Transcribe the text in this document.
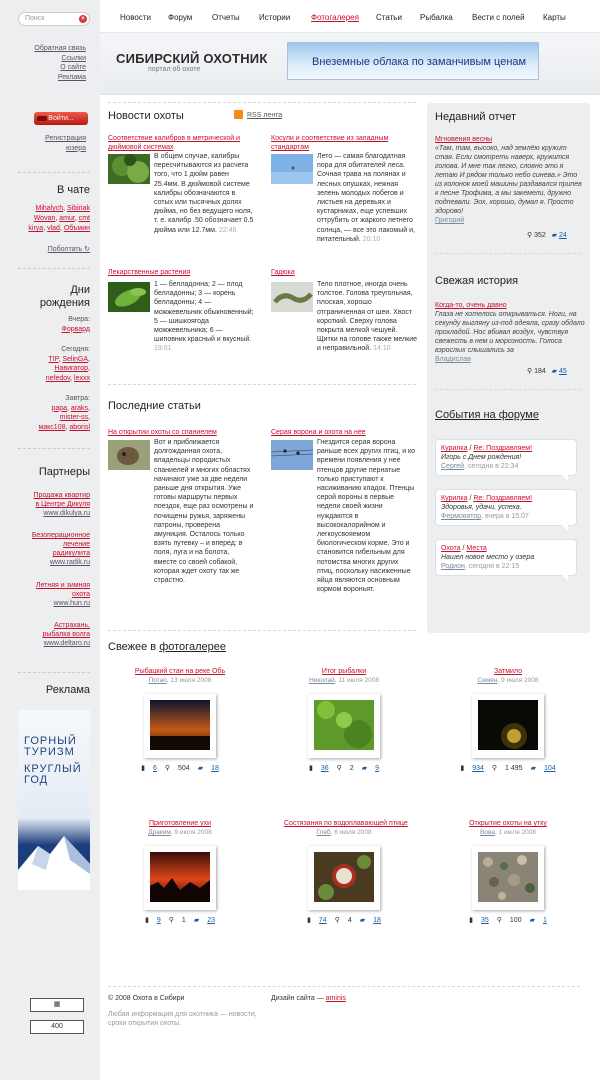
Поиск	×
Обратная связь
Ссылки
О сайте
Реклама
Войти...
Регистрация
юзера
В чате
Mihalych, Sibiriak
Wovan, amur, cmt
kirya, vlad, Объмин
Поболтать ↻
Дни
рождения
Вчера:
Форвард
Сегодня:
TIP, SelinGA,
Навигатор,
nefedov, lexxx
Завтра:
papa, araks,
mister-ss,
макс108, aborisl
Партнеры
Продажа квартир
в Центре Дикуля
www.dikulya.ru
Безоперационное
лечение
радикулита
www.radik.ru
Летняя и зимняя
охота
www.hun.ru
Астрахань,
рыбалка волга
www.deltaro.ru
Реклама
ГОРНЫЙ
ТУРИЗМ
КРУГЛЫЙ
ГОД
▦
400
Новости Форум Отчеты Истории	Фотогалерея Статьи Рыбалка Вести с полей Карты
СИБИРСКИЙ ОХОТНИК
портал об охоте
Внеземные облака по заманчивым ценам
Новости охоты	RSS лента
Соответствие калибров в метрической и дюймовой системах
В общем случае, калибры пересчитываются из расчета того, что 1 дюйм равен 25.4мм. В дюймовой системе калибры обозначаются в сотых или тысячных долях дюйма, но без ведущего ноля, т. е. калибр .50 обозначает 0.5 дюйма или 12.7мм. 22:46
Косули и соответствие из западным стандартам
Лето — самая благодатная пора для обитателей леса. Сочная трава на полянах и лесных опушках, нежная зелень молодых побегов и листьев на деревьях и кустарниках, еще успевших оттрубить от жаркого летнего солнца, — все это лакомый и, питательный. 20:10
Лекарственные растения
1 — белладонна; 2 — плод белладонны; 3 — корень белладонны; 4 — можжевельник обыкновенный; 5 — шишкоягода можжевельника; 6 — шиповник красный и вкусный. 19:01
Гадюка
Тело плотное, иногда очень толстое. Голова треугольная, плоская, хорошо отграниченная от шеи. Хвост короткий. Сверху голова покрыта мелкой чешуей. Щитки на голове также мелкие и неправильной. 14:10
Последние статьи
На открытии охоты со спаниелем
Вот и приближается долгожданная охота, владельцы породистых спаниелей и многих областях начинают уже за две недели раньше дня открытия. Уже готовы маршруты первых поездок, еще раз осмотрены и почищены ружья, заряжены патроны, проверена амуниция. Осталось только взять путевку – и вперед: в поля, луга и на болота, вместе со своей собакой, которая ждет охоту так же страстно.
Серая ворона и охота на нее
Гнездится серая ворона раньше всех других птиц, и ко времени появления у нее птенцов другие пернатые только приступают к насиживанию кладок. Птенцы серой вороны в первые недели своей жизни нуждаются в высококалорийном и легкоусвояемом биологическом корме. Это и становится гибельным для потомства многих других птиц, поскольку насиженные яйца являются основным кормом вороньят.
Недавний отчет
Мгновения весны
«Там, там, высоко, над землёю кружит стая. Если смотреть наверх, кружится голова. И мне так легко, словно это я летаю И рядом только небо синева.» Это из колонок моей машины раздавался припев к песне Трофима, а мы закемели, дружно подпевали. Эох, хорошо, думал я. Просто здорово!
Григорий
⚲ 352 ▰ 24
Свежая история
Когда-то, очень давно
Глаза не хотелось открываться. Ноги, на секунду выгляну из-под одеяла, сразу обдало прохладой. Нос вбивал воздух, чувствуя свежесть в нем и морозность. Голоса взрослых слышались за
Владислав
⚲ 184 ▰ 45
События на форуме
Курилка / Re: Поздравляем!
Игорь с Днем рождения!
Сергей, сегодня в 22:34
Курилка / Re: Поздравляем!
Здоровья, удачи, успеха.
Фермовятор, вчера в 15:07
Охота / Места
Нашел новое место у озера
Родион, сегодня в 22:15
Свежее в фотогалерее
Рыбацкий стан на реке Обь
Потап, 13 июля 2008
▮ 6 ⚲ 504 ▰ 18
Итог рыбалки
Николай, 11 июля 2008
▮ 36 ⚲ 2 ▰ 9
Затмило
Семен, 9 июля 2008
▮ 934 ⚲ 1 495 ▰ 104
Приготовление ухи
Драким, 9 июля 2008
▮ 9 ⚲ 1 ▰ 23
Состязания по водоплавающей птице
Глеб, 6 июля 2008
▮ 74 ⚲ 4 ▰ 18
Открытие охоты на утку
Вова, 1 июля 2008
▮ 35 ⚲ 100 ▰ 1
© 2008 Охота в Сибири	Дизайн сайта — aminis
Любая информация для охотника — новости,
сроки открытия охоты.
